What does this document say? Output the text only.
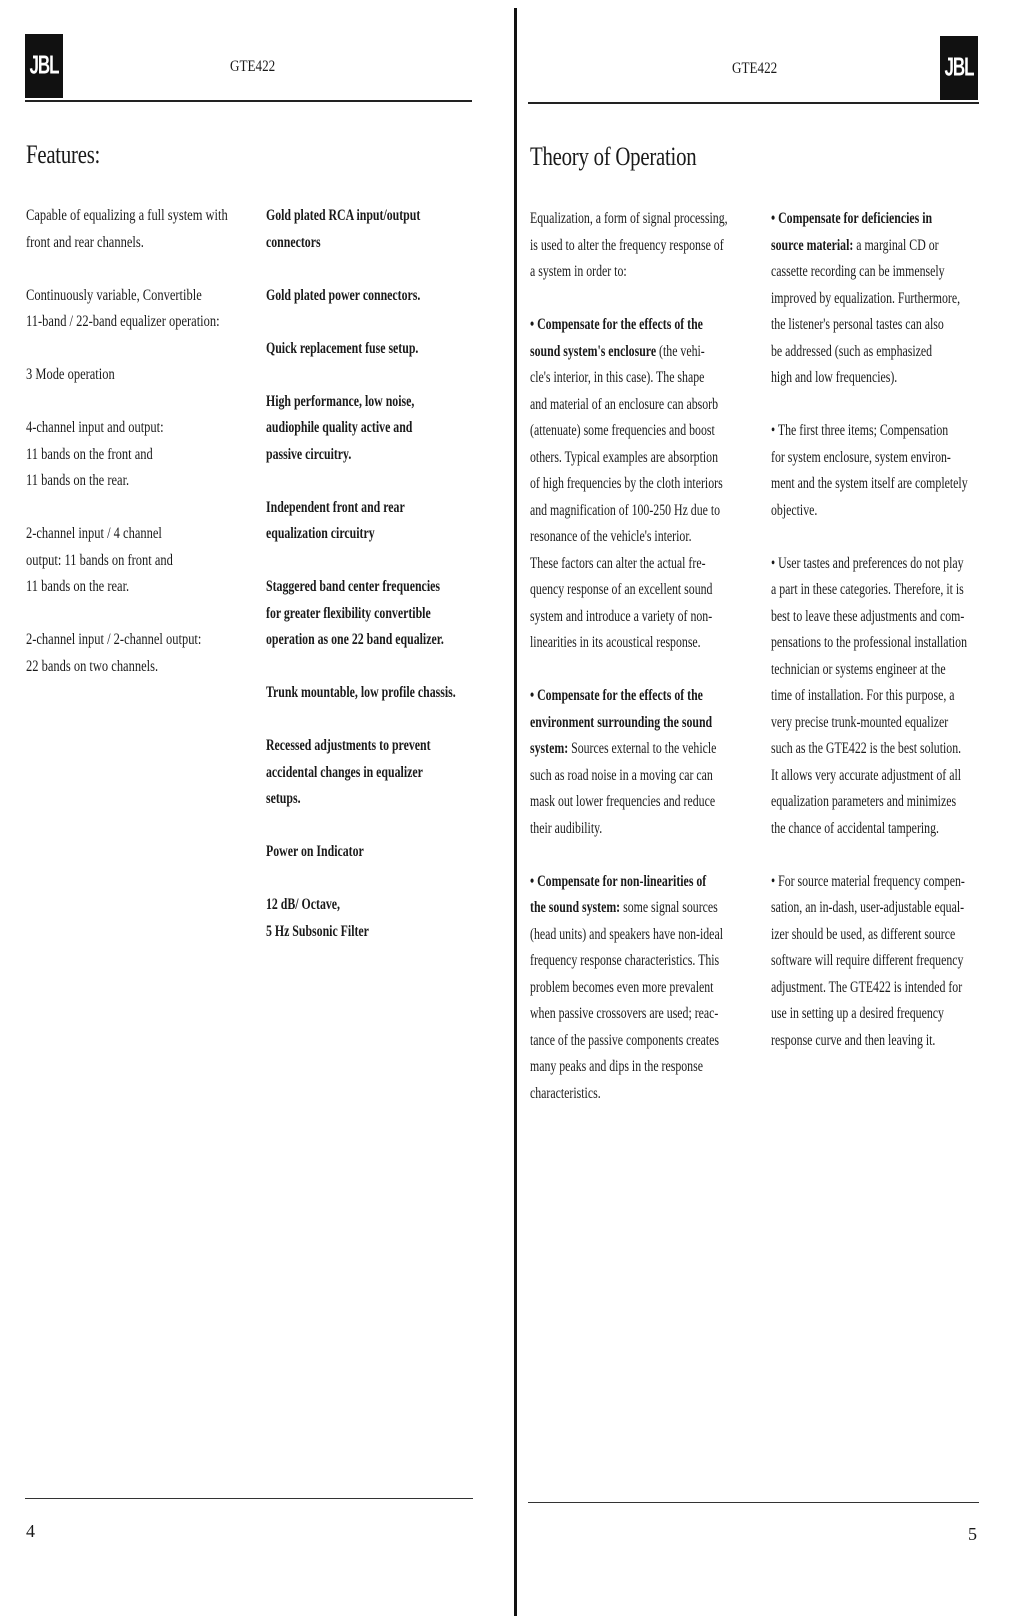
JBL	GTE422
Features:

Capable of equalizing a full system with
front and rear channels.

Continuously variable, Convertible
11-band / 22-band equalizer operation:

3 Mode operation

4-channel input and output:
11 bands on the front and
11 bands on the rear.

2-channel input / 4 channel
output: 11 bands on front and
11 bands on the rear.

2-channel input / 2-channel output:
22 bands on two channels.

Gold plated RCA input/output
connectors

Gold plated power connectors.

Quick replacement fuse setup.

High performance, low noise,
audiophile quality active and
passive circuitry.

Independent front and rear
equalization circuitry

Staggered band center frequencies
for greater flexibility convertible
operation as one 22 band equalizer.

Trunk mountable, low profile chassis.

Recessed adjustments to prevent
accidental changes in equalizer
setups.

Power on Indicator

12 dB/ Octave,
5 Hz Subsonic Filter

4
GTE422	JBL
Theory of Operation
Equalization, a form of signal processing,
is used to alter the frequency response of
a system in order to:
• Compensate for the effects of the
sound system's enclosure (the vehi-
cle's interior, in this case). The shape
and material of an enclosure can absorb
(attenuate) some frequencies and boost
others. Typical examples are absorption
of high frequencies by the cloth interiors
and magnification of 100-250 Hz due to
resonance of the vehicle's interior.
These factors can alter the actual fre-
quency response of an excellent sound
system and introduce a variety of non-
linearities in its acoustical response.
• Compensate for the effects of the
environment surrounding the sound
system: Sources external to the vehicle
such as road noise in a moving car can
mask out lower frequencies and reduce
their audibility.
• Compensate for non-linearities of
the sound system: some signal sources
(head units) and speakers have non-ideal
frequency response characteristics. This
problem becomes even more prevalent
when passive crossovers are used; reac-
tance of the passive components creates
many peaks and dips in the response
characteristics.
• Compensate for deficiencies in
source material: a marginal CD or
cassette recording can be immensely
improved by equalization. Furthermore,
the listener's personal tastes can also
be addressed (such as emphasized
high and low frequencies).
• The first three items; Compensation
for system enclosure, system environ-
ment and the system itself are completely
objective.
• User tastes and preferences do not play
a part in these categories. Therefore, it is
best to leave these adjustments and com-
pensations to the professional installation
technician or systems engineer at the
time of installation. For this purpose, a
very precise trunk-mounted equalizer
such as the GTE422 is the best solution.
It allows very accurate adjustment of all
equalization parameters and minimizes
the chance of accidental tampering.
• For source material frequency compen-
sation, an in-dash, user-adjustable equal-
izer should be used, as different source
software will require different frequency
adjustment. The GTE422 is intended for
use in setting up a desired frequency
response curve and then leaving it.
5
